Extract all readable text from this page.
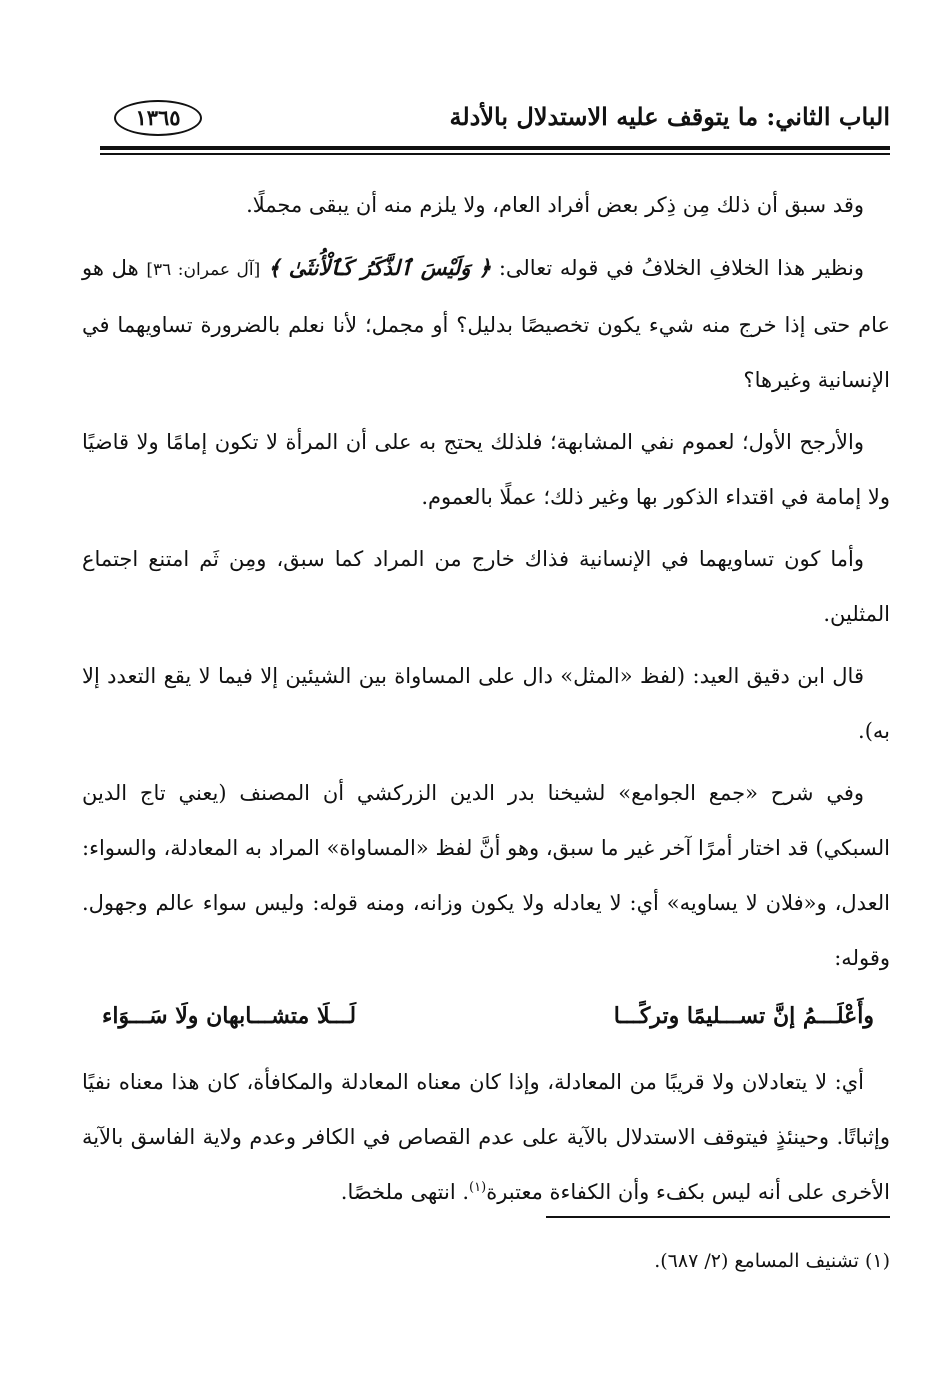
الباب الثاني: ما يتوقف عليه الاستدلال بالأدلة
١٣٦٥

وقد سبق أن ذلك مِن ذِكر بعض أفراد العام، ولا يلزم منه أن يبقى مجملًا.

ونظير هذا الخلافِ الخلافُ في قوله تعالى: ﴿ وَلَيْسَ ٱلذَّكَرُ كَٱلْأُنثَىٰ ﴾ [آل عمران: ٣٦] هل هو عام حتى إذا خرج منه شيء يكون تخصيصًا بدليل؟ أو مجمل؛ لأنا نعلم بالضرورة تساويهما في الإنسانية وغيرها؟

والأرجح الأول؛ لعموم نفي المشابهة؛ فلذلك يحتج به على أن المرأة لا تكون إمامًا ولا قاضيًا ولا إمامة في اقتداء الذكور بها وغير ذلك؛ عملًا بالعموم.

وأما كون تساويهما في الإنسانية فذاك خارج من المراد كما سبق، ومِن ثَم امتنع اجتماع المثلين.

قال ابن دقيق العيد: (لفظ «المثل» دال على المساواة بين الشيئين إلا فيما لا يقع التعدد إلا به).

وفي شرح «جمع الجوامع» لشيخنا بدر الدين الزركشي أن المصنف (يعني تاج الدين السبكي) قد اختار أمرًا آخر غير ما سبق، وهو أنَّ لفظ «المساواة» المراد به المعادلة، والسواء: العدل، و«فلان لا يساويه» أي: لا يعادله ولا يكون وزانه، ومنه قوله: وليس سواء عالم وجهول. وقوله:

وأَعْلَـــمُ إنَّ تســـليمًا وتركًـــا
لَـــلَا متشـــابهان ولَا سَـــوَاء

أي: لا يتعادلان ولا قريبًا من المعادلة، وإذا كان معناه المعادلة والمكافأة، كان هذا معناه نفيًا وإثباتًا. وحينئذٍ فيتوقف الاستدلال بالآية على عدم القصاص في الكافر وعدم ولاية الفاسق بالآية الأخرى على أنه ليس بكفء وأن الكفاءة معتبرة$^{(١)}$. انتهى ملخصًا.

(١) تشنيف المسامع (٢/ ٦٨٧).
